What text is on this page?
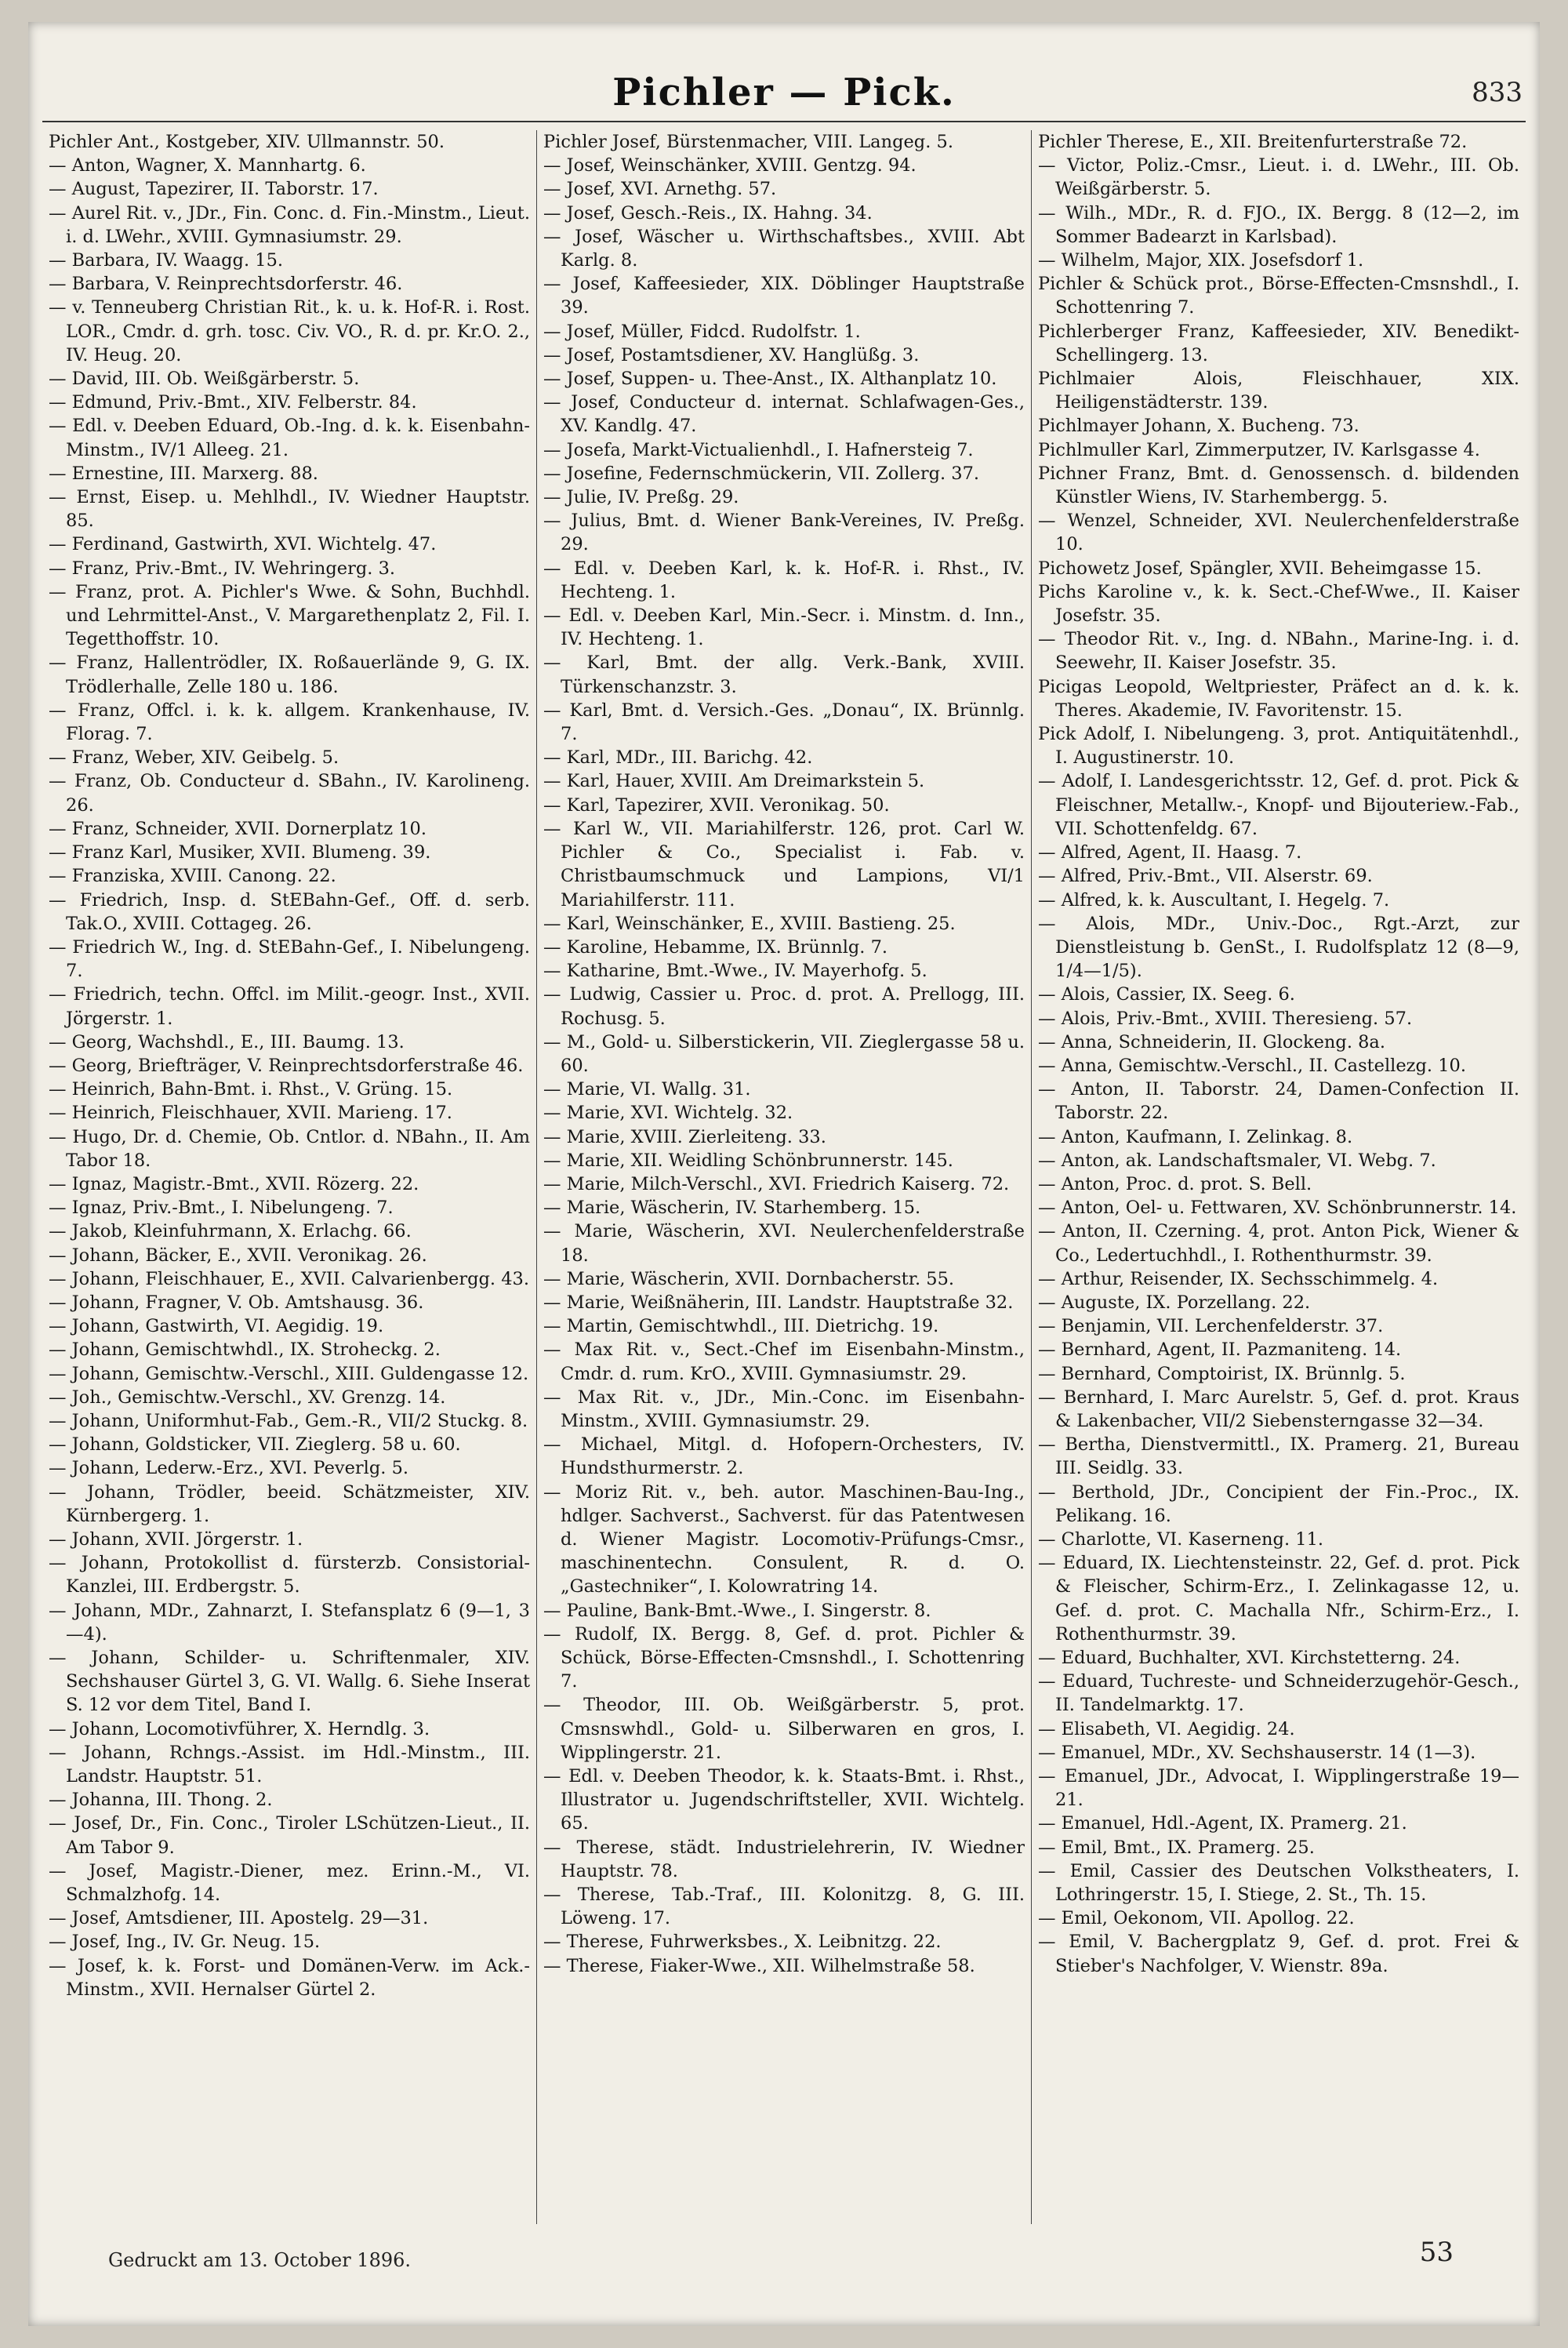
Pichler — Pick.	833
Pichler Ant., Kostgeber, XIV. Ullmannstr. 50.
— Anton, Wagner, X. Mannhartg. 6.
— August, Tapezirer, II. Taborstr. 17.
— Aurel Rit. v., JDr., Fin. Conc. d. Fin.-Minstm., Lieut. i. d. LWehr., XVIII. Gymnasiumstr. 29.
— Barbara, IV. Waagg. 15.
— Barbara, V. Reinprechtsdorferstr. 46.
— v. Tenneuberg Christian Rit., k. u. k. Hof-R. i. Rost. LOR., Cmdr. d. grh. tosc. Civ. VO., R. d. pr. Kr.O. 2., IV. Heug. 20.
— David, III. Ob. Weißgärberstr. 5.
— Edmund, Priv.-Bmt., XIV. Felberstr. 84.
— Edl. v. Deeben Eduard, Ob.-Ing. d. k. k. Eisenbahn-Minstm., IV/1 Alleeg. 21.
— Ernestine, III. Marxerg. 88.
— Ernst, Eisep. u. Mehlhdl., IV. Wiedner Hauptstr. 85.
— Ferdinand, Gastwirth, XVI. Wichtelg. 47.
— Franz, Priv.-Bmt., IV. Wehringerg. 3.
— Franz, prot. A. Pichler's Wwe. & Sohn, Buchhdl. und Lehrmittel-Anst., V. Margarethenplatz 2, Fil. I. Tegetthoffstr. 10.
— Franz, Hallentrödler, IX. Roßauerlände 9, G. IX. Trödlerhalle, Zelle 180 u. 186.
— Franz, Offcl. i. k. k. allgem. Krankenhause, IV. Florag. 7.
— Franz, Weber, XIV. Geibelg. 5.
— Franz, Ob. Conducteur d. SBahn., IV. Karolineng. 26.
— Franz, Schneider, XVII. Dornerplatz 10.
— Franz Karl, Musiker, XVII. Blumeng. 39.
— Franziska, XVIII. Canong. 22.
— Friedrich, Insp. d. StEBahn-Gef., Off. d. serb. Tak.O., XVIII. Cottageg. 26.
— Friedrich W., Ing. d. StEBahn-Gef., I. Nibelungeng. 7.
— Friedrich, techn. Offcl. im Milit.-geogr. Inst., XVII. Jörgerstr. 1.
— Georg, Wachshdl., E., III. Baumg. 13.
— Georg, Briefträger, V. Reinprechtsdorferstraße 46.
— Heinrich, Bahn-Bmt. i. Rhst., V. Grüng. 15.
— Heinrich, Fleischhauer, XVII. Marieng. 17.
— Hugo, Dr. d. Chemie, Ob. Cntlor. d. NBahn., II. Am Tabor 18.
— Ignaz, Magistr.-Bmt., XVII. Rözerg. 22.
— Ignaz, Priv.-Bmt., I. Nibelungeng. 7.
— Jakob, Kleinfuhrmann, X. Erlachg. 66.
— Johann, Bäcker, E., XVII. Veronikag. 26.
— Johann, Fleischhauer, E., XVII. Calvarienbergg. 43.
— Johann, Fragner, V. Ob. Amtshausg. 36.
— Johann, Gastwirth, VI. Aegidig. 19.
— Johann, Gemischtwhdl., IX. Stroheckg. 2.
— Johann, Gemischtw.-Verschl., XIII. Guldengasse 12.
— Joh., Gemischtw.-Verschl., XV. Grenzg. 14.
— Johann, Uniformhut-Fab., Gem.-R., VII/2 Stuckg. 8.
— Johann, Goldsticker, VII. Zieglerg. 58 u. 60.
— Johann, Lederw.-Erz., XVI. Peverlg. 5.
— Johann, Trödler, beeid. Schätzmeister, XIV. Kürnbergerg. 1.
— Johann, XVII. Jörgerstr. 1.
— Johann, Protokollist d. fürsterzb. Consistorial-Kanzlei, III. Erdbergstr. 5.
— Johann, MDr., Zahnarzt, I. Stefansplatz 6 (9—1, 3—4).
— Johann, Schilder- u. Schriftenmaler, XIV. Sechshauser Gürtel 3, G. VI. Wallg. 6. Siehe Inserat S. 12 vor dem Titel, Band I.
— Johann, Locomotivführer, X. Herndlg. 3.
— Johann, Rchngs.-Assist. im Hdl.-Minstm., III. Landstr. Hauptstr. 51.
— Johanna, III. Thong. 2.
— Josef, Dr., Fin. Conc., Tiroler LSchützen-Lieut., II. Am Tabor 9.
— Josef, Magistr.-Diener, mez. Erinn.-M., VI. Schmalzhofg. 14.
— Josef, Amtsdiener, III. Apostelg. 29—31.
— Josef, Ing., IV. Gr. Neug. 15.
— Josef, k. k. Forst- und Domänen-Verw. im Ack.-Minstm., XVII. Hernalser Gürtel 2.
Pichler Josef, Bürstenmacher, VIII. Langeg. 5.
— Josef, Weinschänker, XVIII. Gentzg. 94.
— Josef, XVI. Arnethg. 57.
— Josef, Gesch.-Reis., IX. Hahng. 34.
— Josef, Wäscher u. Wirthschaftsbes., XVIII. Abt Karlg. 8.
— Josef, Kaffeesieder, XIX. Döblinger Hauptstraße 39.
— Josef, Müller, Fidcd. Rudolfstr. 1.
— Josef, Postamtsdiener, XV. Hanglüßg. 3.
— Josef, Suppen- u. Thee-Anst., IX. Althanplatz 10.
— Josef, Conducteur d. internat. Schlafwagen-Ges., XV. Kandlg. 47.
— Josefa, Markt-Victualienhdl., I. Hafnersteig 7.
— Josefine, Federnschmückerin, VII. Zollerg. 37.
— Julie, IV. Preßg. 29.
— Julius, Bmt. d. Wiener Bank-Vereines, IV. Preßg. 29.
— Edl. v. Deeben Karl, k. k. Hof-R. i. Rhst., IV. Hechteng. 1.
— Edl. v. Deeben Karl, Min.-Secr. i. Minstm. d. Inn., IV. Hechteng. 1.
— Karl, Bmt. der allg. Verk.-Bank, XVIII. Türkenschanzstr. 3.
— Karl, Bmt. d. Versich.-Ges. „Donau“, IX. Brünnlg. 7.
— Karl, MDr., III. Barichg. 42.
— Karl, Hauer, XVIII. Am Dreimarkstein 5.
— Karl, Tapezirer, XVII. Veronikag. 50.
— Karl W., VII. Mariahilferstr. 126, prot. Carl W. Pichler & Co., Specialist i. Fab. v. Christbaumschmuck und Lampions, VI/1 Mariahilferstr. 111.
— Karl, Weinschänker, E., XVIII. Bastieng. 25.
— Karoline, Hebamme, IX. Brünnlg. 7.
— Katharine, Bmt.-Wwe., IV. Mayerhofg. 5.
— Ludwig, Cassier u. Proc. d. prot. A. Prellogg, III. Rochusg. 5.
— M., Gold- u. Silberstickerin, VII. Zieglergasse 58 u. 60.
— Marie, VI. Wallg. 31.
— Marie, XVI. Wichtelg. 32.
— Marie, XVIII. Zierleiteng. 33.
— Marie, XII. Weidling Schönbrunnerstr. 145.
— Marie, Milch-Verschl., XVI. Friedrich Kaiserg. 72.
— Marie, Wäscherin, IV. Starhemberg. 15.
— Marie, Wäscherin, XVI. Neulerchenfelderstraße 18.
— Marie, Wäscherin, XVII. Dornbacherstr. 55.
— Marie, Weißnäherin, III. Landstr. Hauptstraße 32.
— Martin, Gemischtwhdl., III. Dietrichg. 19.
— Max Rit. v., Sect.-Chef im Eisenbahn-Minstm., Cmdr. d. rum. KrO., XVIII. Gymnasiumstr. 29.
— Max Rit. v., JDr., Min.-Conc. im Eisenbahn-Minstm., XVIII. Gymnasiumstr. 29.
— Michael, Mitgl. d. Hofopern-Orchesters, IV. Hundsthurmerstr. 2.
— Moriz Rit. v., beh. autor. Maschinen-Bau-Ing., hdlger. Sachverst., Sachverst. für das Patentwesen d. Wiener Magistr. Locomotiv-Prüfungs-Cmsr., maschinentechn. Consulent, R. d. O. „Gastechniker“, I. Kolowratring 14.
— Pauline, Bank-Bmt.-Wwe., I. Singerstr. 8.
— Rudolf, IX. Bergg. 8, Gef. d. prot. Pichler & Schück, Börse-Effecten-Cmsnshdl., I. Schottenring 7.
— Theodor, III. Ob. Weißgärberstr. 5, prot. Cmsnswhdl., Gold- u. Silberwaren en gros, I. Wipplingerstr. 21.
— Edl. v. Deeben Theodor, k. k. Staats-Bmt. i. Rhst., Illustrator u. Jugendschriftsteller, XVII. Wichtelg. 65.
— Therese, städt. Industrielehrerin, IV. Wiedner Hauptstr. 78.
— Therese, Tab.-Traf., III. Kolonitzg. 8, G. III. Löweng. 17.
— Therese, Fuhrwerksbes., X. Leibnitzg. 22.
— Therese, Fiaker-Wwe., XII. Wilhelmstraße 58.
Pichler Therese, E., XII. Breitenfurterstraße 72.
— Victor, Poliz.-Cmsr., Lieut. i. d. LWehr., III. Ob. Weißgärberstr. 5.
— Wilh., MDr., R. d. FJO., IX. Bergg. 8 (12—2, im Sommer Badearzt in Karlsbad).
— Wilhelm, Major, XIX. Josefsdorf 1.
Pichler & Schück prot., Börse-Effecten-Cmsnshdl., I. Schottenring 7.
Pichlerberger Franz, Kaffeesieder, XIV. Benedikt-Schellingerg. 13.
Pichlmaier Alois, Fleischhauer, XIX. Heiligenstädterstr. 139.
Pichlmayer Johann, X. Bucheng. 73.
Pichlmuller Karl, Zimmerputzer, IV. Karlsgasse 4.
Pichner Franz, Bmt. d. Genossensch. d. bildenden Künstler Wiens, IV. Starhembergg. 5.
— Wenzel, Schneider, XVI. Neulerchenfelderstraße 10.
Pichowetz Josef, Spängler, XVII. Beheimgasse 15.
Pichs Karoline v., k. k. Sect.-Chef-Wwe., II. Kaiser Josefstr. 35.
— Theodor Rit. v., Ing. d. NBahn., Marine-Ing. i. d. Seewehr, II. Kaiser Josefstr. 35.
Picigas Leopold, Weltpriester, Präfect an d. k. k. Theres. Akademie, IV. Favoritenstr. 15.
Pick Adolf, I. Nibelungeng. 3, prot. Antiquitätenhdl., I. Augustinerstr. 10.
— Adolf, I. Landesgerichtsstr. 12, Gef. d. prot. Pick & Fleischner, Metallw.-, Knopf- und Bijouteriew.-Fab., VII. Schottenfeldg. 67.
— Alfred, Agent, II. Haasg. 7.
— Alfred, Priv.-Bmt., VII. Alserstr. 69.
— Alfred, k. k. Auscultant, I. Hegelg. 7.
— Alois, MDr., Univ.-Doc., Rgt.-Arzt, zur Dienstleistung b. GenSt., I. Rudolfsplatz 12 (8—9, 1/4—1/5).
— Alois, Cassier, IX. Seeg. 6.
— Alois, Priv.-Bmt., XVIII. Theresieng. 57.
— Anna, Schneiderin, II. Glockeng. 8a.
— Anna, Gemischtw.-Verschl., II. Castellezg. 10.
— Anton, II. Taborstr. 24, Damen-Confection II. Taborstr. 22.
— Anton, Kaufmann, I. Zelinkag. 8.
— Anton, ak. Landschaftsmaler, VI. Webg. 7.
— Anton, Proc. d. prot. S. Bell.
— Anton, Oel- u. Fettwaren, XV. Schönbrunnerstr. 14.
— Anton, II. Czerning. 4, prot. Anton Pick, Wiener & Co., Ledertuchhdl., I. Rothenthurmstr. 39.
— Arthur, Reisender, IX. Sechsschimmelg. 4.
— Auguste, IX. Porzellang. 22.
— Benjamin, VII. Lerchenfelderstr. 37.
— Bernhard, Agent, II. Pazmaniteng. 14.
— Bernhard, Comptoirist, IX. Brünnlg. 5.
— Bernhard, I. Marc Aurelstr. 5, Gef. d. prot. Kraus & Lakenbacher, VII/2 Siebensterngasse 32—34.
— Bertha, Dienstvermittl., IX. Pramerg. 21, Bureau III. Seidlg. 33.
— Berthold, JDr., Concipient der Fin.-Proc., IX. Pelikang. 16.
— Charlotte, VI. Kaserneng. 11.
— Eduard, IX. Liechtensteinstr. 22, Gef. d. prot. Pick & Fleischer, Schirm-Erz., I. Zelinkagasse 12, u. Gef. d. prot. C. Machalla Nfr., Schirm-Erz., I. Rothenthurmstr. 39.
— Eduard, Buchhalter, XVI. Kirchstetterng. 24.
— Eduard, Tuchreste- und Schneiderzugehör-Gesch., II. Tandelmarktg. 17.
— Elisabeth, VI. Aegidig. 24.
— Emanuel, MDr., XV. Sechshauserstr. 14 (1—3).
— Emanuel, JDr., Advocat, I. Wipplingerstraße 19—21.
— Emanuel, Hdl.-Agent, IX. Pramerg. 21.
— Emil, Bmt., IX. Pramerg. 25.
— Emil, Cassier des Deutschen Volkstheaters, I. Lothringerstr. 15, I. Stiege, 2. St., Th. 15.
— Emil, Oekonom, VII. Apollog. 22.
— Emil, V. Bachergplatz 9, Gef. d. prot. Frei & Stieber's Nachfolger, V. Wienstr. 89a.
Gedruckt am 13. October 1896.	53
